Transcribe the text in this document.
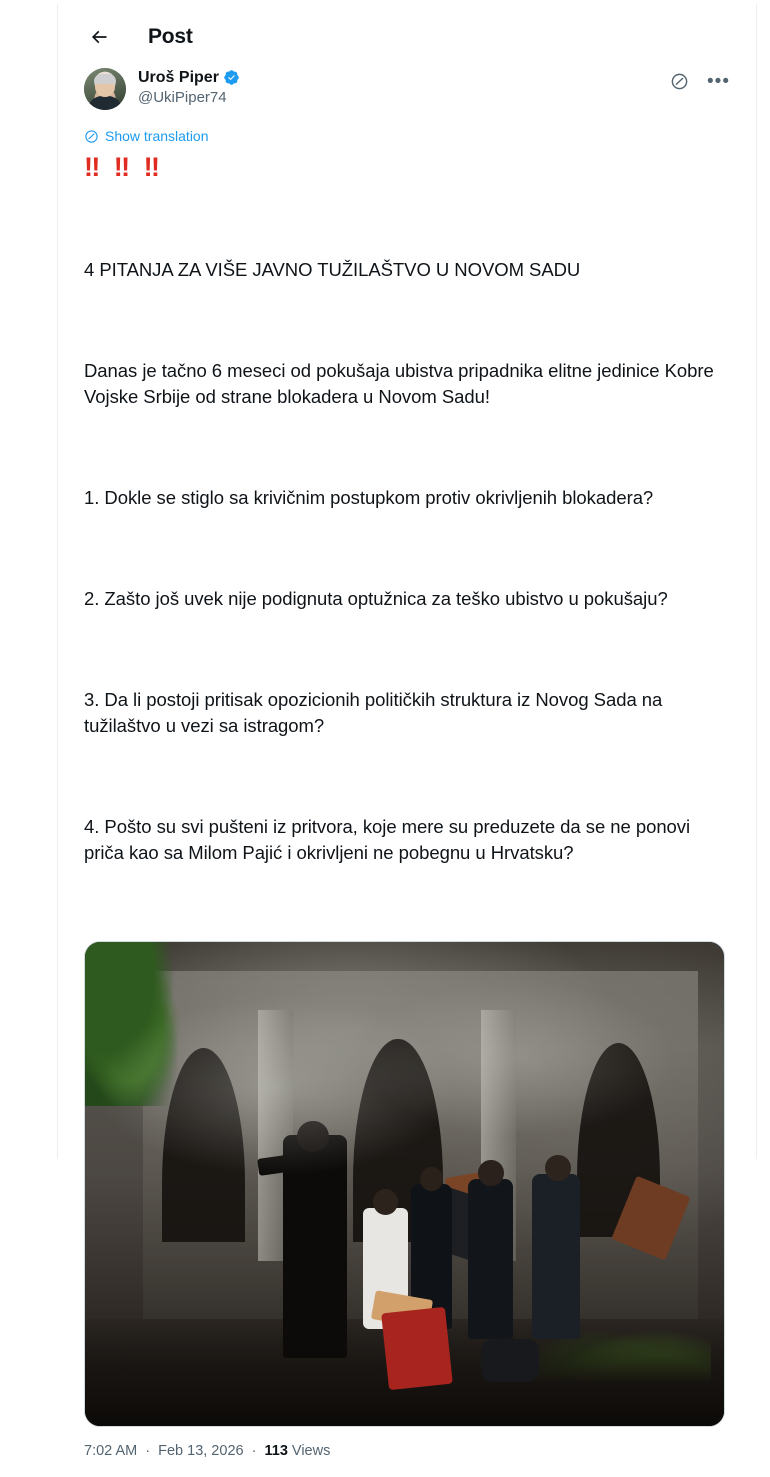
Post
Uroš Piper
@UkiPiper74
•••
Show translation
‼ ‼ ‼

4 PITANJA ZA VIŠE JAVNO TUŽILAŠTVO U NOVOM SADU

Danas je tačno 6 meseci od pokušaja ubistva pripadnika elitne jedinice Kobre Vojske Srbije od strane blokadera u Novom Sadu!

1. Dokle se stiglo sa krivičnim postupkom protiv okrivljenih blokadera?

2. Zašto još uvek nije podignuta optužnica za teško ubistvo u pokušaju?

3. Da li postoji pritisak opozicionih političkih struktura iz Novog Sada na tužilaštvo u vezi sa istragom?

4. Pošto su svi pušteni iz pritvora, koje mere su preduzete da se ne ponovi priča kao sa Milom Pajić i okrivljeni ne pobegnu u Hrvatsku?

7:02 AM · Feb 13, 2026 · 113 Views
